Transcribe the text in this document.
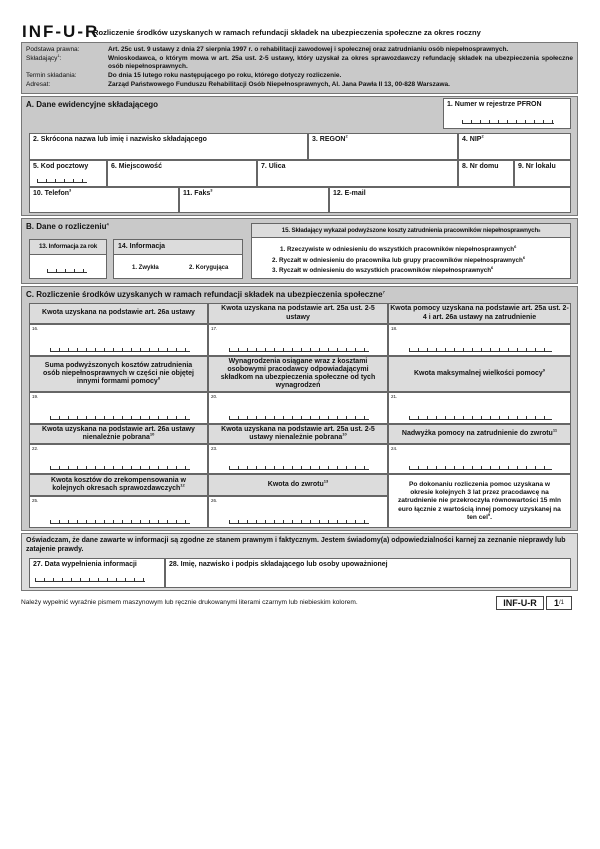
INF-U-R
Rozliczenie środków uzyskanych w ramach refundacji składek na ubezpieczenia społeczne za okres roczny
Podstawa prawna:	Art. 25c ust. 9 ustawy z dnia 27 sierpnia 1997 r. o rehabilitacji zawodowej i społecznej oraz zatrudnianiu osób niepełnosprawnych.
Składający$^1$:	Wnioskodawca, o którym mowa w art. 25a ust. 2-5 ustawy, który uzyskał za okres sprawozdawczy refundację składek na ubezpieczenia społeczne osób niepełnosprawnych.
Termin składania:	Do dnia 15 lutego roku następującego po roku, którego dotyczy rozliczenie.
Adresat:	Zarząd Państwowego Funduszu Rehabilitacji Osób Niepełnosprawnych, Al. Jana Pawła II 13, 00-828 Warszawa.
A. Dane ewidencyjne składającego	1. Numer w rejestrze PFRON
2. Skrócona nazwa lub imię i nazwisko składającego	3. REGON$^2$	4. NIP$^2$
5. Kod pocztowy	6. Miejscowość	7. Ulica	8. Nr domu	9. Nr lokalu
10. Telefon$^3$	11. Faks$^3$	12. E-mail
B. Dane o rozliczeniu$^4$
13. Informacja za rok	14. Informacja
1. Zwykła	2. Korygująca
15. Składający wykazał podwyższone koszty zatrudnienia pracowników niepełnosprawnych 5
1. Rzeczywiste w odniesieniu do wszystkich pracowników niepełnosprawnych$^6$
2. Ryczałt w odniesieniu do pracownika lub grupy pracowników niepełnosprawnych$^6$
3. Ryczałt w odniesieniu do wszystkich pracowników niepełnosprawnych$^6$
C. Rozliczenie środków uzyskanych w ramach refundacji składek na ubezpieczenia społeczne$^7$
Kwota uzyskana na podstawie art. 26a ustawy
Kwota uzyskana na podstawie art. 25a ust. 2-5 ustawy
Kwota pomocy uzyskana na podstawie art. 25a ust. 2-4 i art. 26a ustawy na zatrudnienie
16.	17.	18.
Suma podwyższonych kosztów zatrudnienia osób niepełnosprawnych w części nie objętej innymi formami pomocy$^8$
Wynagrodzenia osiągane wraz z kosztami osobowymi pracodawcy odpowiadającymi składkom na ubezpieczenia społeczne od tych wynagrodzeń
Kwota maksymalnej wielkości pomocy$^9$
19.	20.	21.
Kwota uzyskana na podstawie art. 26a ustawy nienależnie pobrana$^{10}$
Kwota uzyskana na podstawie art. 25a ust. 2-5 ustawy nienależnie pobrana$^{10}$	Nadwyżka pomocy na zatrudnienie do zwrotu$^{11}$
22.	23.	24.
Kwota kosztów do zrekompensowania w kolejnych okresach sprawozdawczych$^{12}$	Kwota do zwrotu$^{13}$	Po dokonaniu rozliczenia pomoc uzyskana w okresie kolejnych 3 lat przez pracodawcę na zatrudnienie nie przekroczyła równowartości 15 mln euro łącznie z wartością innej pomocy uzyskanej na ten cel$^9$.
25.	26.
Oświadczam, że dane zawarte w informacji są zgodne ze stanem prawnym i faktycznym. Jestem świadomy(a) odpowiedzialności karnej za zeznanie nieprawdy lub zatajenie prawdy.
27. Data wypełnienia informacji	28. Imię, nazwisko i podpis składającego lub osoby upoważnionej
Należy wypełnić wyraźnie pismem maszynowym lub ręcznie drukowanymi literami czarnym lub niebieskim kolorem.	INF-U-R	1 /1
